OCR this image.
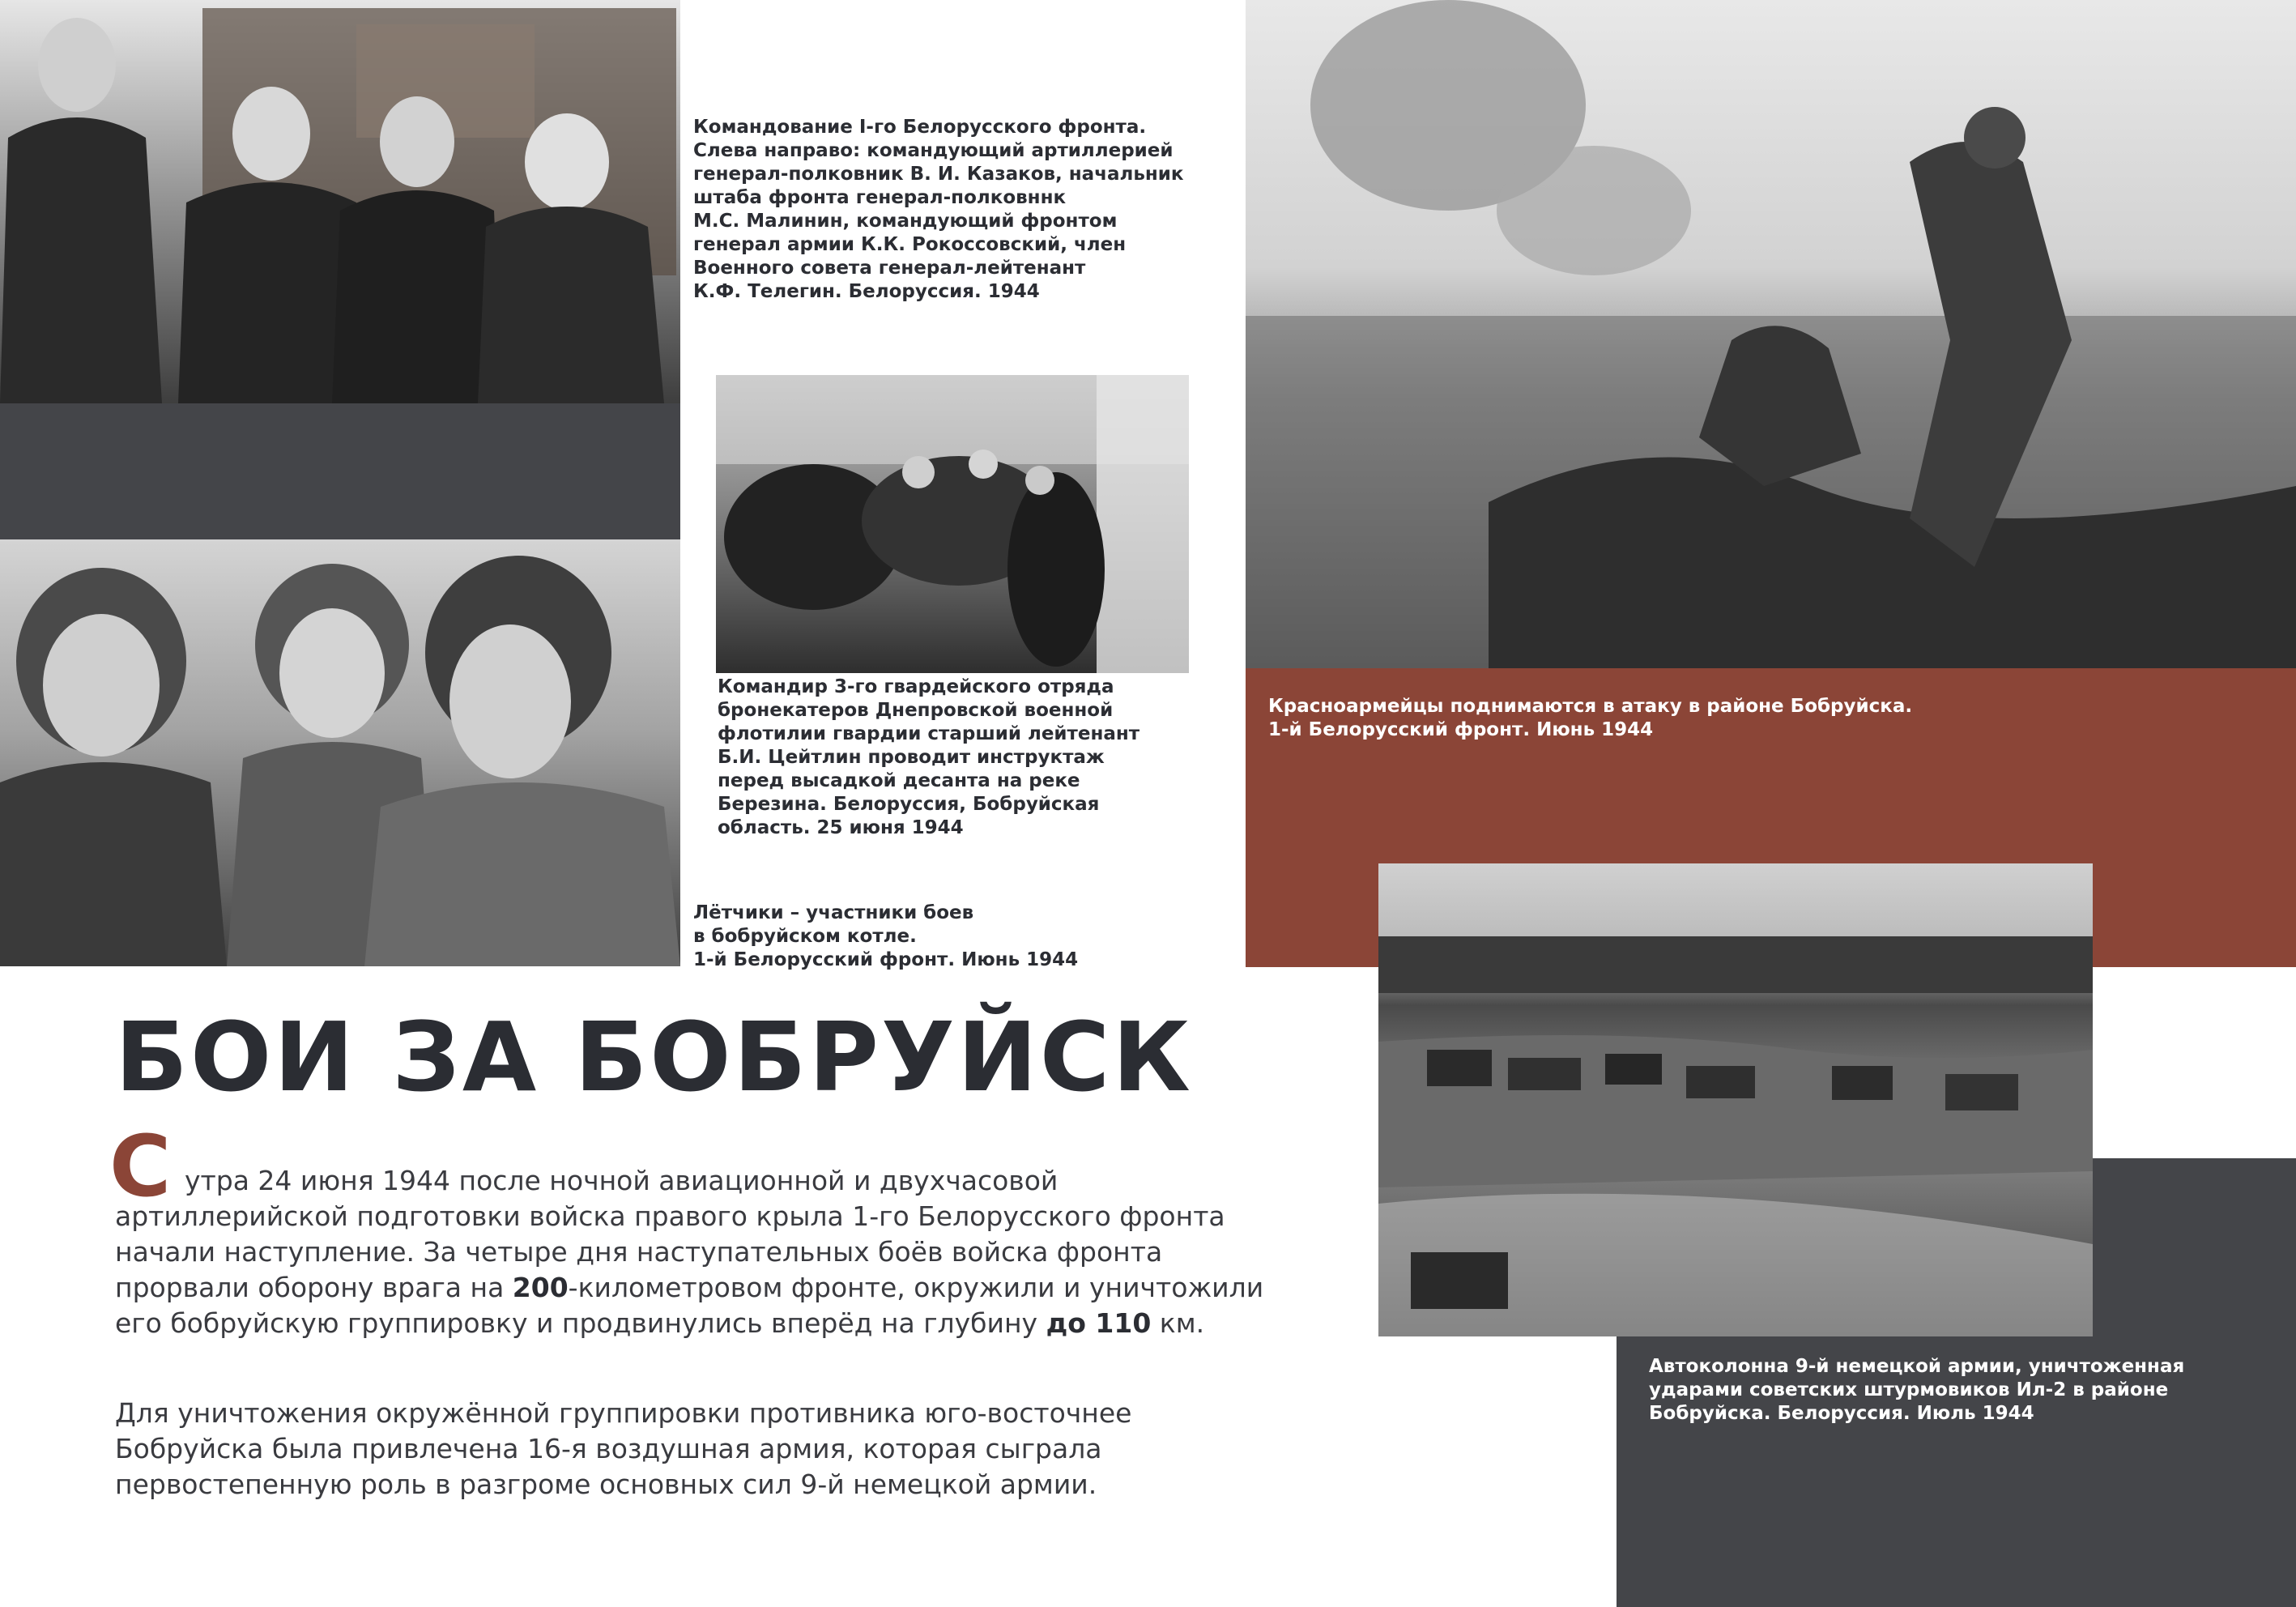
Командование I-го Белорусского фронта.
Слева направо: командующий артиллерией
генерал-полковник В. И. Казаков, начальник
штаба фронта генерал-полковннк
М.С. Малинин, командующий фронтом
генерал армии К.К. Рокоссовский, член
Военного совета генерал-лейтенант
К.Ф. Телегин. Белоруссия. 1944

Командир 3-го гвардейского отряда
бронекатеров Днепровской военной
флотилии гвардии старший лейтенант
Б.И. Цейтлин проводит инструктаж
перед высадкой десанта на реке
Березина. Белоруссия, Бобруйская
область. 25 июня 1944

Лётчики – участники боев
в бобруйском котле.
1-й Белорусский фронт. Июнь 1944

Красноармейцы поднимаются в атаку в районе Бобруйска.
1-й Белорусский фронт. Июнь 1944

Автоколонна 9-й немецкой армии, уничтоженная
ударами советских штурмовиков Ил-2 в районе
Бобруйска. Белоруссия. Июль 1944

БОИ ЗА БОБРУЙСК
С утра 24 июня 1944 после ночной авиационной и двухчасовой артиллерийской подготовки войска правого крыла 1-го Белорусского фронта начали наступление. За четыре дня наступательных боёв войска фронта прорвали оборону врага на 200-километровом фронте, окружили и уничтожили его бобруйскую группировку и продвинулись вперёд на глубину до 110 км.

Для уничтожения окружённой группировки противника юго-восточнее Бобруйска была привлечена 16-я воздушная армия, которая сыграла первостепенную роль в разгроме основных сил 9-й немецкой армии.
